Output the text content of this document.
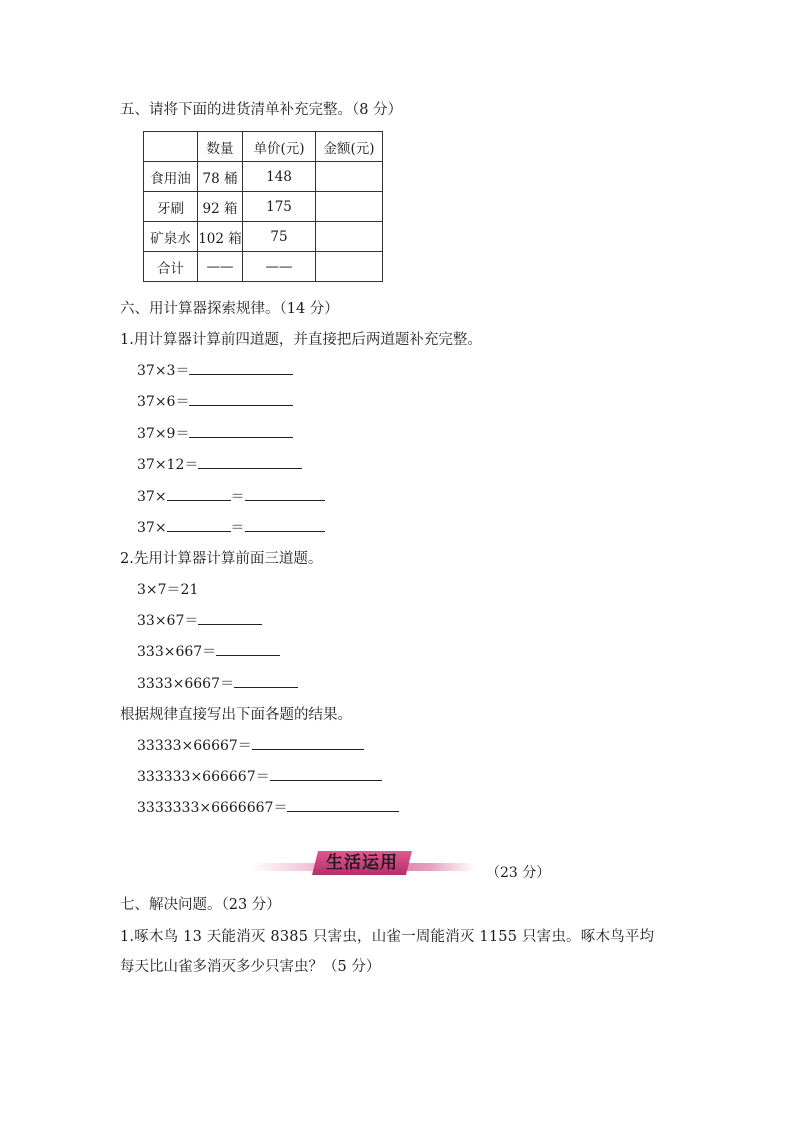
五、请将下面的进货清单补充完整。（8 分）
	数量	单价(元)	金额(元)
食用油	78 桶	148	
牙刷	92 箱	175	
矿泉水	102 箱	75	
合计	——	——	
六、用计算器探索规律。（14 分）
1.用计算器计算前四道题，并直接把后两道题补充完整。
37×3＝
37×6＝
37×9＝
37×12＝
37×	＝
37×	＝
2.先用计算器计算前面三道题。
3×7＝21
33×67＝
333×667＝
3333×6667＝
根据规律直接写出下面各题的结果。
33333×66667＝
333333×666667＝
3333333×6666667＝
生活运用	（23 分）
七、解决问题。（23 分）
1.啄木鸟 13 天能消灭 8385 只害虫，山雀一周能消灭 1155 只害虫。啄木鸟平均
每天比山雀多消灭多少只害虫？（5 分）
